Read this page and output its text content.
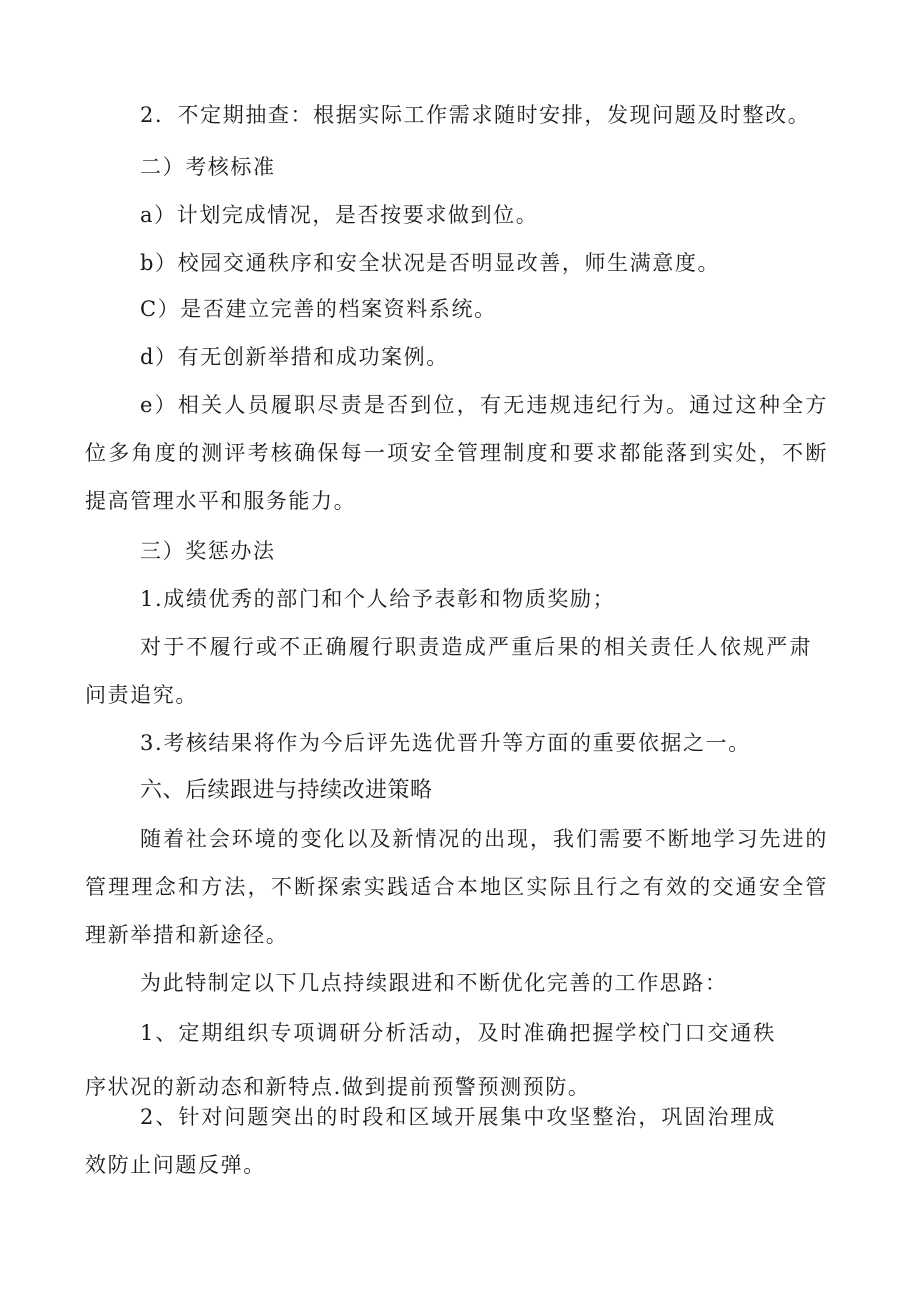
2．不定期抽查：根据实际工作需求随时安排，发现问题及时整改。
二）考核标准
a）计划完成情况，是否按要求做到位。
b）校园交通秩序和安全状况是否明显改善，师生满意度。
C）是否建立完善的档案资料系统。
d）有无创新举措和成功案例。
e）相关人员履职尽责是否到位，有无违规违纪行为。通过这种全方
位多角度的测评考核确保每一项安全管理制度和要求都能落到实处，不断
提高管理水平和服务能力。
三）奖惩办法
1.成绩优秀的部门和个人给予表彰和物质奖励；
对于不履行或不正确履行职责造成严重后果的相关责任人依规严肃
问责追究。
3.考核结果将作为今后评先选优晋升等方面的重要依据之一。
六、后续跟进与持续改进策略
随着社会环境的变化以及新情况的出现，我们需要不断地学习先进的
管理理念和方法，不断探索实践适合本地区实际且行之有效的交通安全管
理新举措和新途径。
为此特制定以下几点持续跟进和不断优化完善的工作思路：
1、定期组织专项调研分析活动，及时准确把握学校门口交通秩
序状况的新动态和新特点.做到提前预警预测预防。
2、针对问题突出的时段和区域开展集中攻坚整治，巩固治理成
效防止问题反弹。
